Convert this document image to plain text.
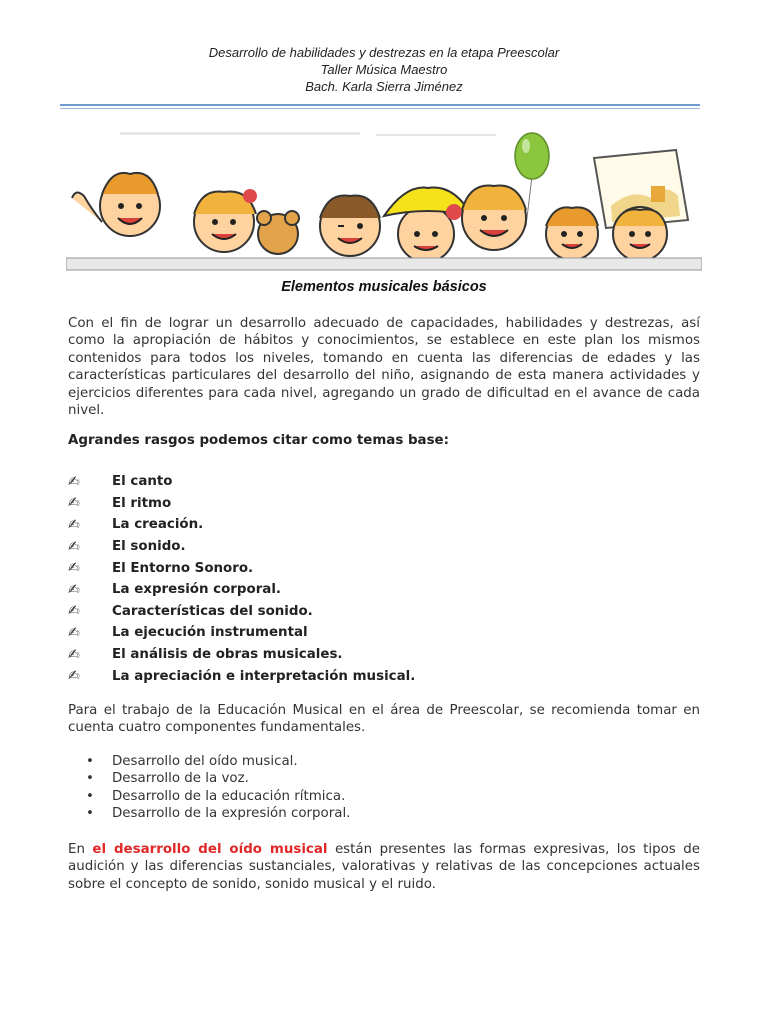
Desarrollo de habilidades y destrezas en la etapa Preescolar
Taller Música Maestro
Bach. Karla Sierra Jiménez
Elementos musicales básicos
Con el fin de lograr un desarrollo adecuado de capacidades, habilidades y destrezas, así como la apropiación de hábitos y conocimientos, se establece en este plan los mismos contenidos para todos los niveles, tomando en cuenta las diferencias de edades y las características particulares del desarrollo del niño, asignando de esta manera actividades y ejercicios diferentes para cada nivel, agregando un grado de dificultad en el avance de cada nivel.
Agrandes rasgos podemos citar como temas base:
✍	El canto
✍	El ritmo
✍	La creación.
✍	El sonido.
✍	El Entorno Sonoro.
✍	La expresión corporal.
✍	Características del sonido.
✍	La ejecución instrumental
✍	El análisis de obras musicales.
✍	La apreciación e interpretación musical.
Para el trabajo de la Educación Musical en el área de Preescolar, se recomienda tomar en cuenta cuatro componentes fundamentales.
•	Desarrollo del oído musical.
•	Desarrollo de la voz.
•	Desarrollo de la educación rítmica.
•	Desarrollo de la expresión corporal.
En el desarrollo del oído musical están presentes las formas expresivas, los tipos de audición y las diferencias sustanciales, valorativas y relativas de las concepciones actuales sobre el concepto de sonido, sonido musical y el ruido.
